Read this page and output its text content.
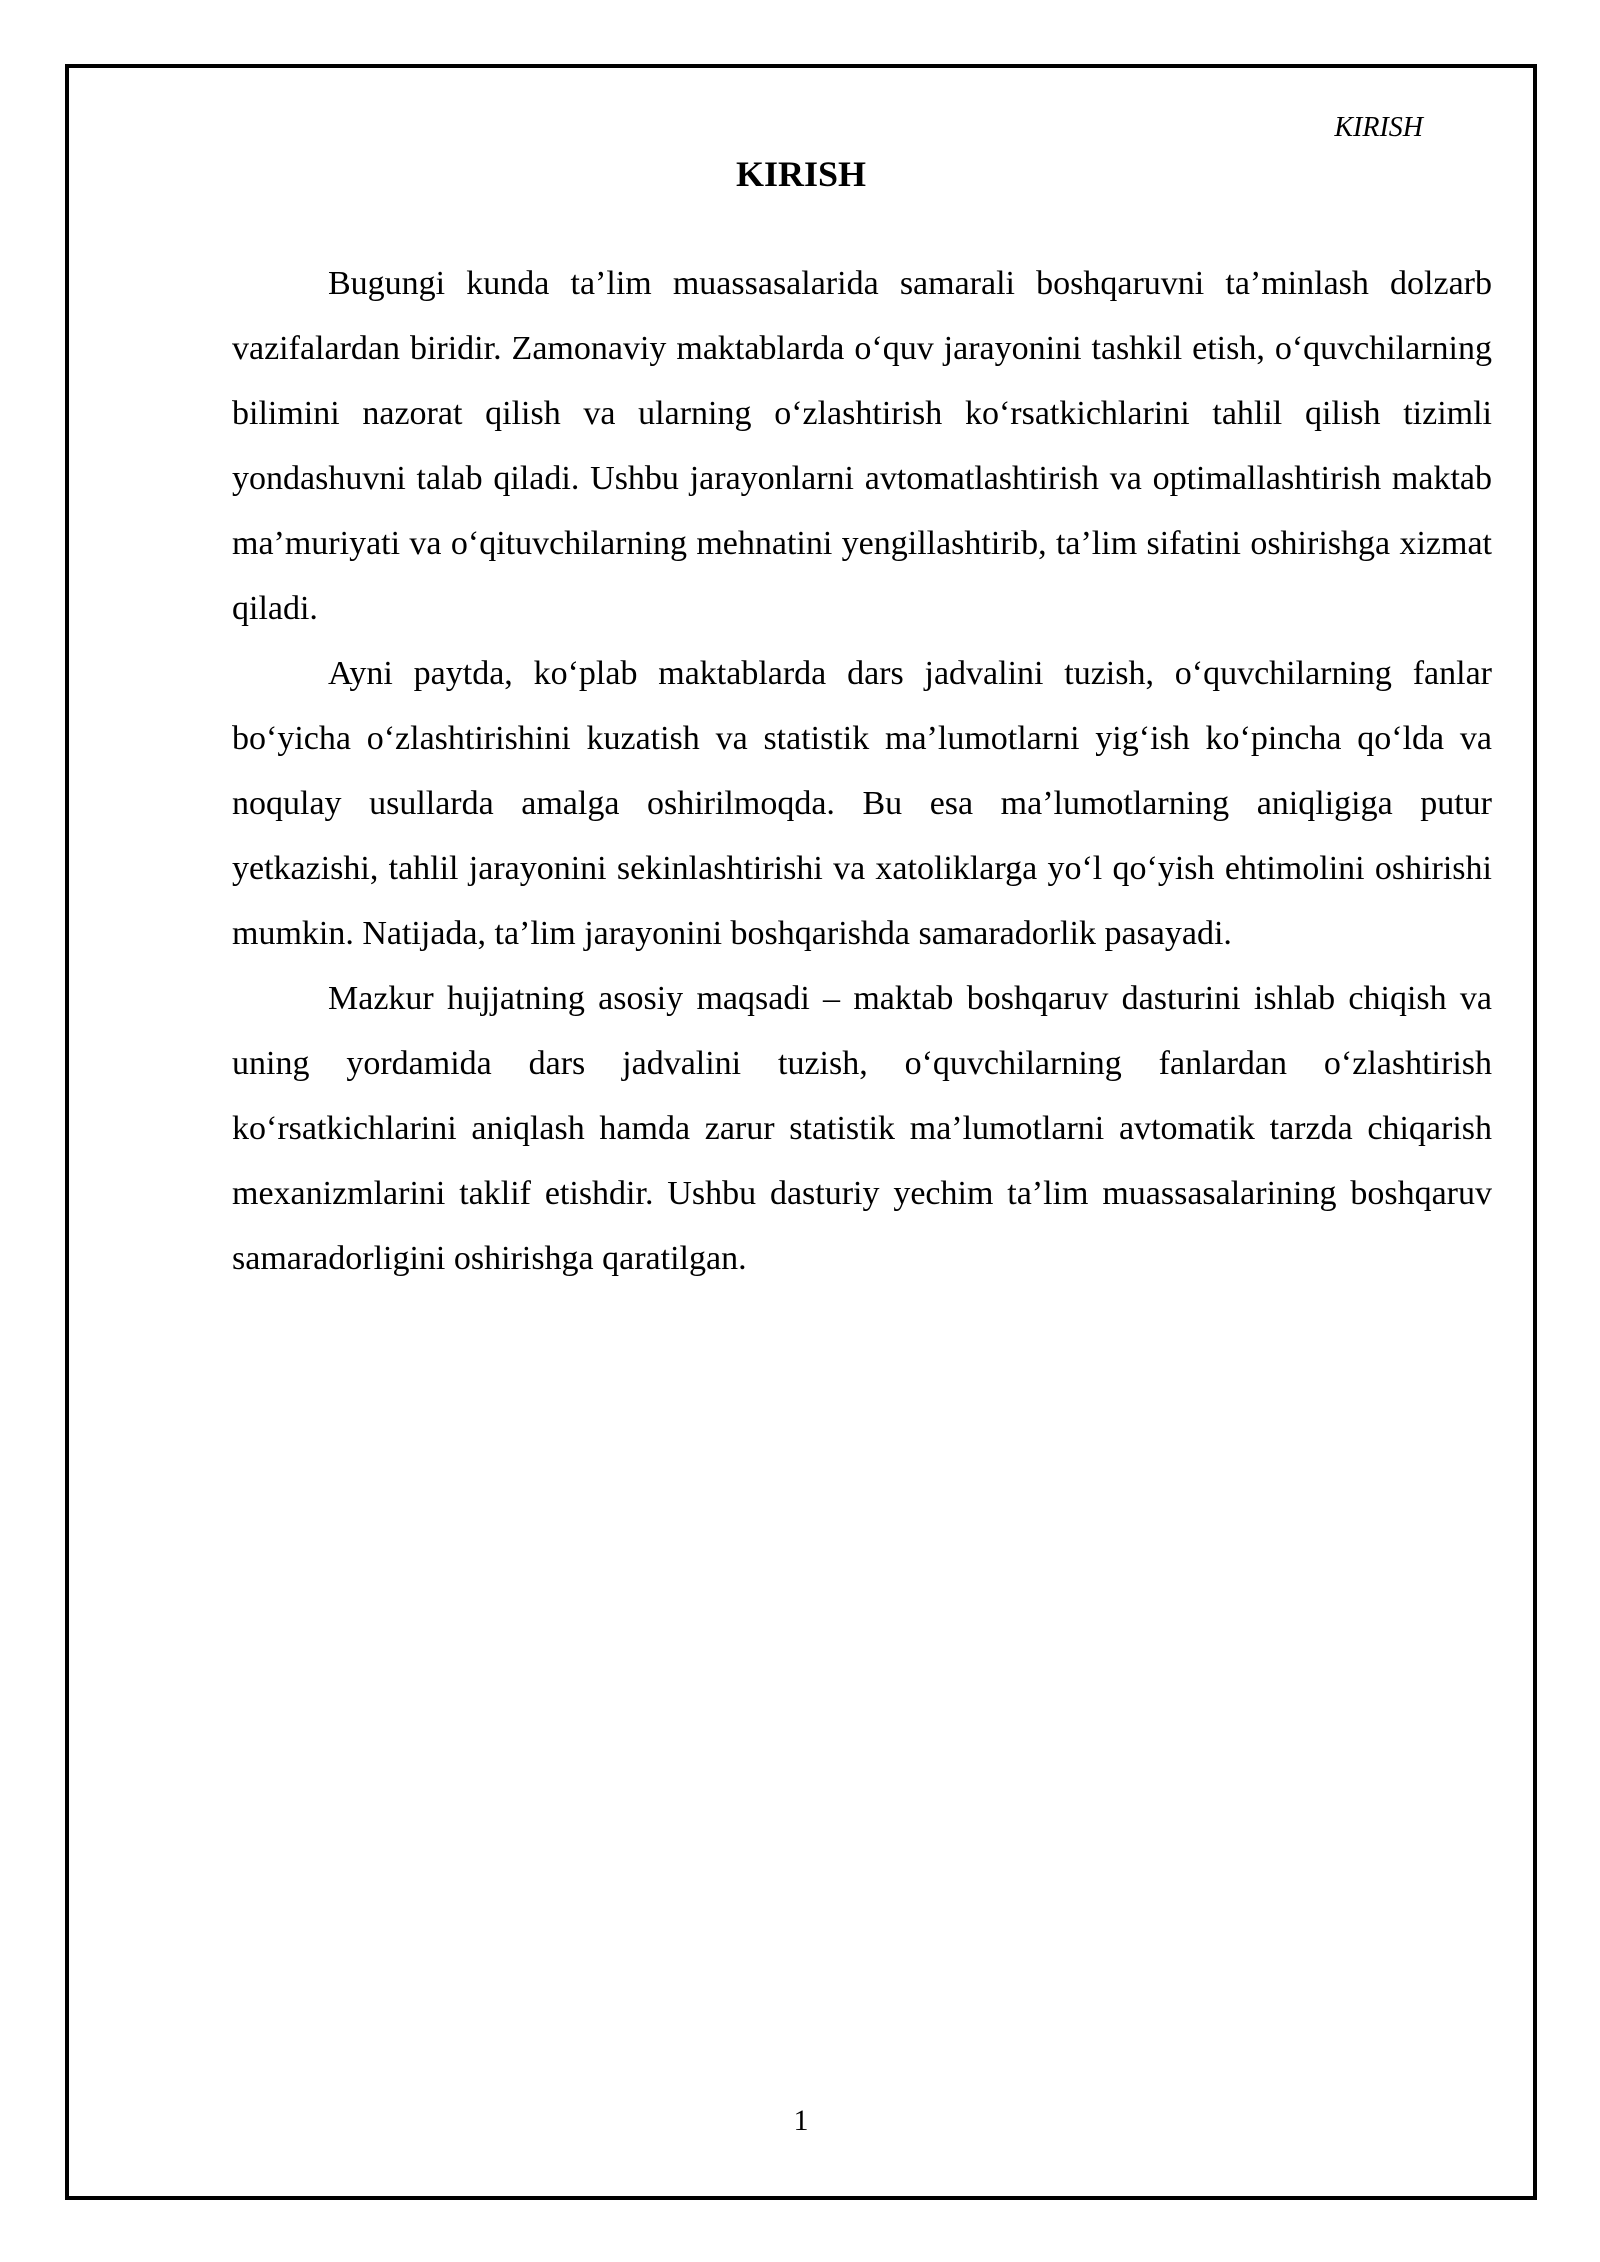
KIRISH
KIRISH

Bugungi kunda ta’lim muassasalarida samarali boshqaruvni ta’minlash dolzarb vazifalardan biridir. Zamonaviy maktablarda o‘quv jarayonini tashkil etish, o‘quvchilarning bilimini nazorat qilish va ularning o‘zlashtirish ko‘rsatkichlarini tahlil qilish tizimli yondashuvni talab qiladi. Ushbu jarayonlarni avtomatlashtirish va optimallashtirish maktab ma’muriyati va o‘qituvchilarning mehnatini yengillashtirib, ta’lim sifatini oshirishga xizmat qiladi.

Ayni paytda, ko‘plab maktablarda dars jadvalini tuzish, o‘quvchilarning fanlar bo‘yicha o‘zlashtirishini kuzatish va statistik ma’lumotlarni yig‘ish ko‘pincha qo‘lda va noqulay usullarda amalga oshirilmoqda. Bu esa ma’lumotlarning aniqligiga putur yetkazishi, tahlil jarayonini sekinlashtirishi va xatoliklarga yo‘l qo‘yish ehtimolini oshirishi mumkin. Natijada, ta’lim jarayonini boshqarishda samaradorlik pasayadi.

Mazkur hujjatning asosiy maqsadi – maktab boshqaruv dasturini ishlab chiqish va uning yordamida dars jadvalini tuzish, o‘quvchilarning fanlardan o‘zlashtirish ko‘rsatkichlarini aniqlash hamda zarur statistik ma’lumotlarni avtomatik tarzda chiqarish mexanizmlarini taklif etishdir. Ushbu dasturiy yechim ta’lim muassasalarining boshqaruv samaradorligini oshirishga qaratilgan.

1
